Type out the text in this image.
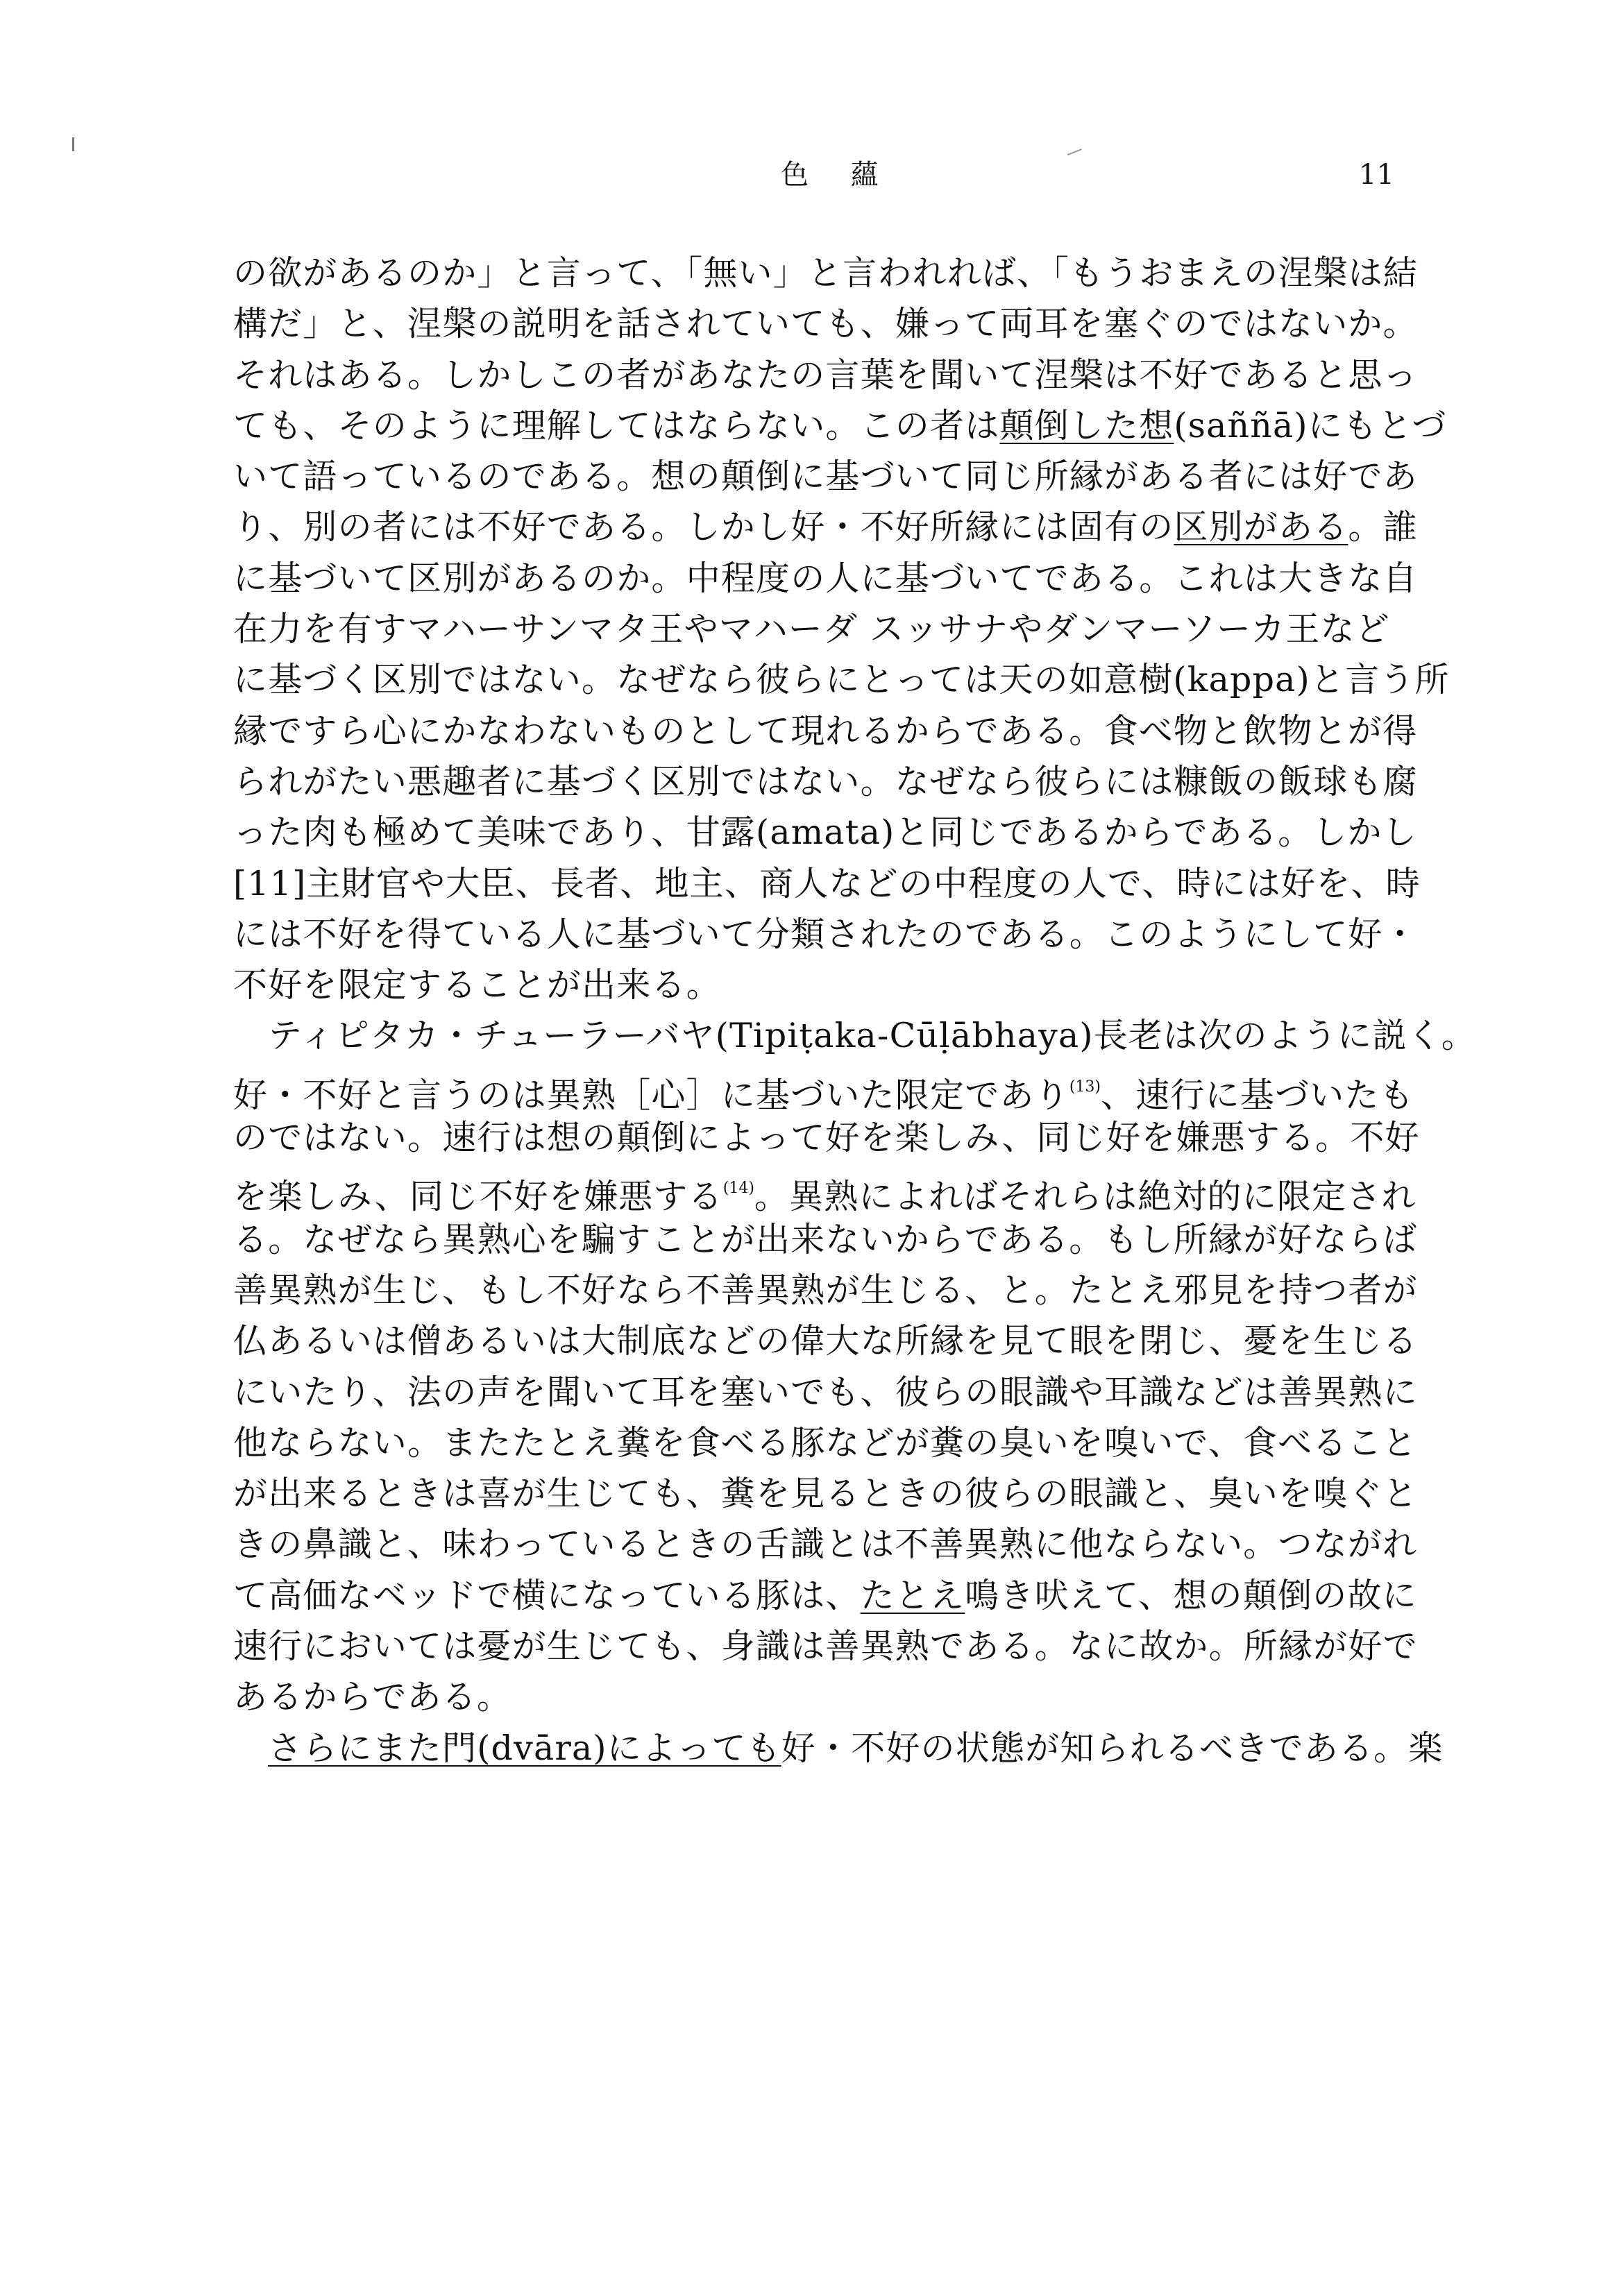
色 蘊	11
の欲があるのか」と言って、「無い」と言われれば、「もうおまえの涅槃は結
構だ」と、涅槃の説明を話されていても、嫌って両耳を塞ぐのではないか。
それはある。しかしこの者があなたの言葉を聞いて涅槃は不好であると思っ
ても、そのように理解してはならない。この者は顛倒した想(saññā)にもとづ
いて語っているのである。想の顛倒に基づいて同じ所縁がある者には好であ
り、別の者には不好である。しかし好・不好所縁には固有の区別がある。誰
に基づいて区別があるのか。中程度の人に基づいてである。これは大きな自
在力を有すマハーサンマタ王やマハーダ スッサナやダンマーソーカ王など
に基づく区別ではない。なぜなら彼らにとっては天の如意樹(kappa)と言う所
縁ですら心にかなわないものとして現れるからである。食べ物と飲物とが得
られがたい悪趣者に基づく区別ではない。なぜなら彼らには糠飯の飯球も腐
った肉も極めて美味であり、甘露(amata)と同じであるからである。しかし
[11]主財官や大臣、長者、地主、商人などの中程度の人で、時には好を、時
には不好を得ている人に基づいて分類されたのである。このようにして好・
不好を限定することが出来る。
ティピタカ・チューラーバヤ(Tipiṭaka-Cūḷābhaya)長老は次のように説く。
好・不好と言うのは異熟［心］に基づいた限定であり$^{(13)}$、速行に基づいたも
のではない。速行は想の顛倒によって好を楽しみ、同じ好を嫌悪する。不好
を楽しみ、同じ不好を嫌悪する$^{(14)}$。異熟によればそれらは絶対的に限定され
る。なぜなら異熟心を騙すことが出来ないからである。もし所縁が好ならば
善異熟が生じ、もし不好なら不善異熟が生じる、と。たとえ邪見を持つ者が
仏あるいは僧あるいは大制底などの偉大な所縁を見て眼を閉じ、憂を生じる
にいたり、法の声を聞いて耳を塞いでも、彼らの眼識や耳識などは善異熟に
他ならない。またたとえ糞を食べる豚などが糞の臭いを嗅いで、食べること
が出来るときは喜が生じても、糞を見るときの彼らの眼識と、臭いを嗅ぐと
きの鼻識と、味わっているときの舌識とは不善異熟に他ならない。つながれ
て高価なベッドで横になっている豚は、たとえ鳴き吠えて、想の顛倒の故に
速行においては憂が生じても、身識は善異熟である。なに故か。所縁が好で
あるからである。
さらにまた門(dvāra)によっても好・不好の状態が知られるべきである。楽
